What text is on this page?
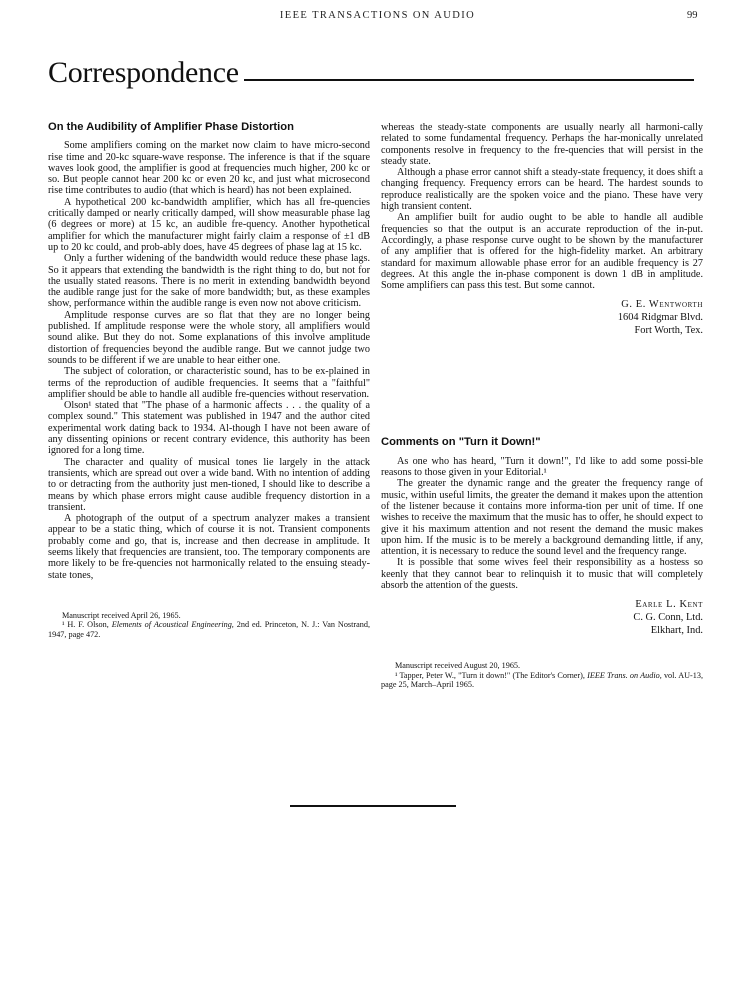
IEEE TRANSACTIONS ON AUDIO	99
Correspondence
On the Audibility of Amplifier Phase Distortion

Some amplifiers coming on the market now claim to have micro-second rise time and 20-kc square-wave response. The inference is that if the square waves look good, the amplifier is good at frequencies much higher, 200 kc or so. But people cannot hear 200 kc or even 20 kc, and just what microsecond rise time contributes to audio (that which is heard) has not been explained.

A hypothetical 200 kc-bandwidth amplifier, which has all fre-quencies critically damped or nearly critically damped, will show measurable phase lag (6 degrees or more) at 15 kc, an audible fre-quency. Another hypothetical amplifier for which the manufacturer might fairly claim a response of ±1 dB up to 20 kc could, and prob-ably does, have 45 degrees of phase lag at 15 kc.

Only a further widening of the bandwidth would reduce these phase lags. So it appears that extending the bandwidth is the right thing to do, but not for the usually stated reasons. There is no merit in extending bandwidth beyond the audible range just for the sake of more bandwidth; but, as these examples show, performance within the audible range is even now not above criticism.

Amplitude response curves are so flat that they are no longer being published. If amplitude response were the whole story, all amplifiers would sound alike. But they do not. Some explanations of this involve amplitude distortion of frequencies beyond the audible range. But we cannot judge two sounds to be different if we are unable to hear either one.

The subject of coloration, or characteristic sound, has to be ex-plained in terms of the reproduction of audible frequencies. It seems that a "faithful" amplifier should be able to handle all audible fre-quencies without reservation.

Olson¹ stated that "The phase of a harmonic affects . . . the quality of a complex sound." This statement was published in 1947 and the author cited experimental work dating back to 1934. Al-though I have not been aware of any dissenting opinions or recent contrary evidence, this authority has been ignored for a long time.

The character and quality of musical tones lie largely in the attack transients, which are spread out over a wide band. With no intention of adding to or detracting from the authority just men-tioned, I should like to describe a means by which phase errors might cause audible frequency distortion in a transient.

A photograph of the output of a spectrum analyzer makes a transient appear to be a static thing, which of course it is not. Transient components probably come and go, that is, increase and then decrease in amplitude. It seems likely that frequencies are transient, too. The temporary components are more likely to be fre-quencies not harmonically related to the ensuing steady-state tones,

Manuscript received April 26, 1965.

¹ H. F. Olson, Elements of Acoustical Engineering, 2nd ed. Princeton, N. J.: Van Nostrand, 1947, page 472.

whereas the steady-state components are usually nearly all harmoni-cally related to some fundamental frequency. Perhaps the har-monically unrelated components resolve in frequency to the fre-quencies that will persist in the steady state.

Although a phase error cannot shift a steady-state frequency, it does shift a changing frequency. Frequency errors can be heard. The hardest sounds to reproduce realistically are the spoken voice and the piano. These have very high transient content.

An amplifier built for audio ought to be able to handle all audible frequencies so that the output is an accurate reproduction of the in-put. Accordingly, a phase response curve ought to be shown by the manufacturer of any amplifier that is offered for the high-fidelity market. An arbitrary standard for maximum allowable phase error for an audible frequency is 27 degrees. At this angle the in-phase component is down 1 dB in amplitude. Some amplifiers can pass this test. But some cannot.

G. E. Wentworth
1604 Ridgmar Blvd.
Fort Worth, Tex.
Comments on "Turn it Down!"

As one who has heard, "Turn it down!", I'd like to add some possi-ble reasons to those given in your Editorial.¹

The greater the dynamic range and the greater the frequency range of music, within useful limits, the greater the demand it makes upon the attention of the listener because it contains more informa-tion per unit of time. If one wishes to receive the maximum that the music has to offer, he should expect to give it his maximum attention and not resent the demand the music makes upon him. If the music is to be merely a background demanding little, if any, attention, it is necessary to reduce the sound level and the frequency range.

It is possible that some wives feel their responsibility as a hostess so keenly that they cannot bear to relinquish it to music that will completely absorb the attention of the guests.

Earle L. Kent
C. G. Conn, Ltd.
Elkhart, Ind.

Manuscript received August 20, 1965.

¹ Tapper, Peter W., "Turn it down!" (The Editor's Corner), IEEE Trans. on Audio, vol. AU-13, page 25, March–April 1965.
